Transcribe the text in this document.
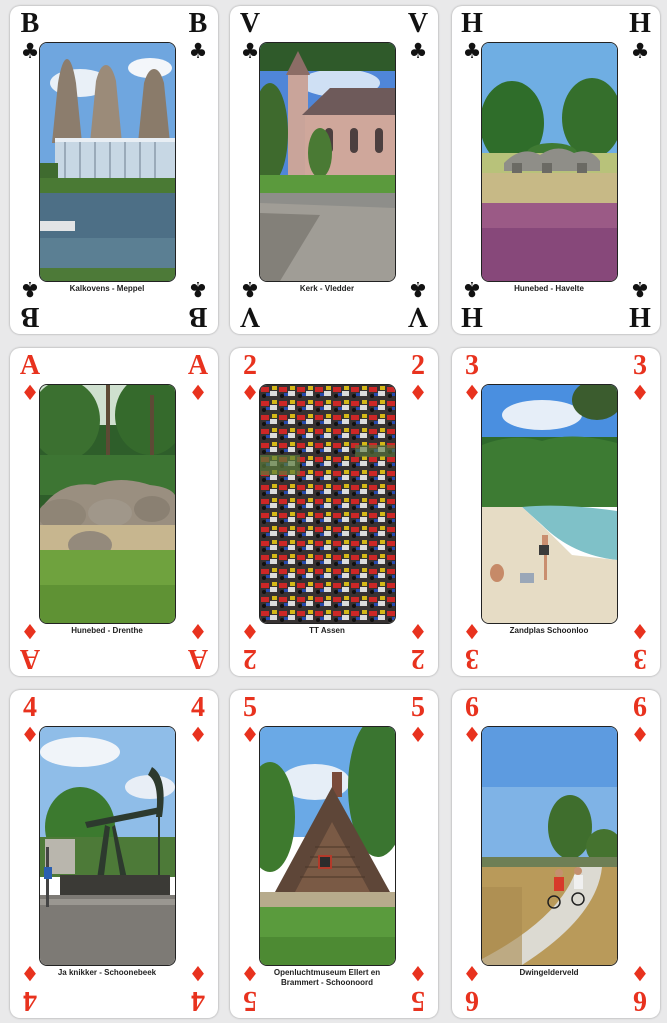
B
♣
B
♣
Kalkovens - Meppel
B
♣
B
♣
V
♣
V
♣
Kerk - Vledder
V
♣
V
♣
H
♣
H
♣
Hunebed - Havelte
H
♣
H
♣
A
♦
A
♦
Hunebed - Drenthe
A
♦
A
♦
2
♦
2
♦
TT Assen
2
♦
2
♦
3
♦
3
♦
Zandplas Schoonloo
3
♦
3
♦
4
♦
4
♦
Ja knikker - Schoonebeek
4
♦
4
♦
5
♦
5
♦
Openluchtmuseum Ellert en Brammert - Schoonoord
5
♦
5
♦
6
♦
6
♦
Dwingelderveld
6
♦
6
♦
